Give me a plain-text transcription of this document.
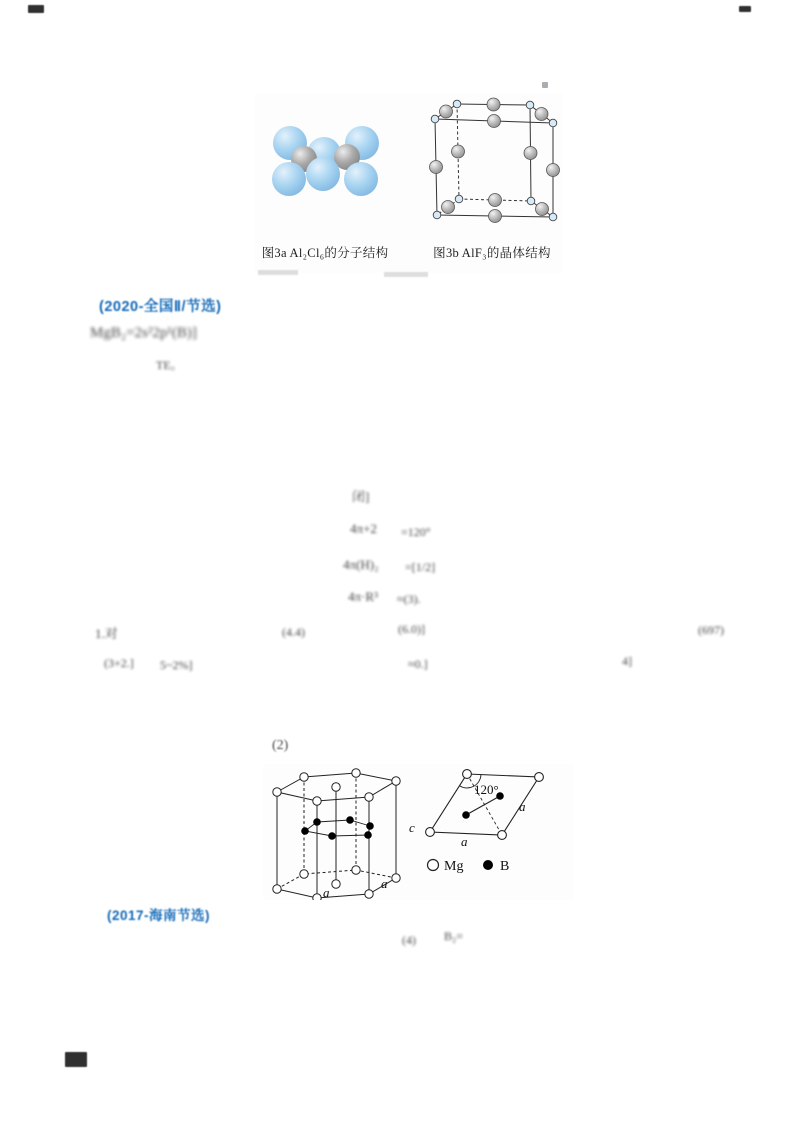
图3a Al₂Cl₆的分子结构	图3b AlF₃的晶体结构
(2020-全国Ⅱ/节选)
(2017-海南节选)
c
a
a
120°
a
a
Mg	B
MgB₂=2s²2p¹(B)]
TE。
闭]
4π+2 =120°
4π(H)₂ =[1/2]
4π·R³ ≈(3).
1.对	(4.4)	(6.0)]	(697)
(3+2.] 5~2%]	≈0.]	4]
(2)
(4) B₂=
